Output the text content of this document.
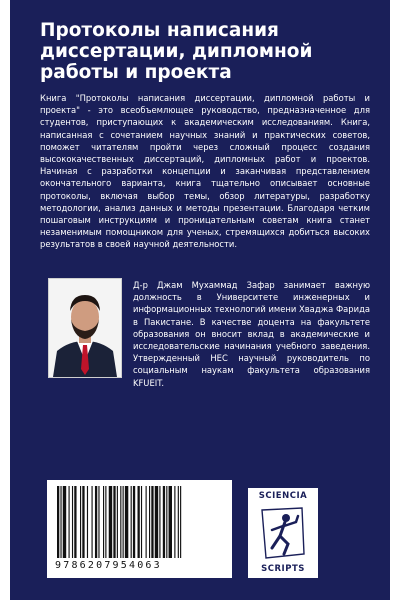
Протоколы написания диссертации, дипломной работы и проекта

Книга "Протоколы написания диссертации, дипломной работы и проекта" - это всеобъемлющее руководство, предназначенное для студентов, приступающих к академическим исследованиям. Книга, написанная с сочетанием научных знаний и практических советов, поможет читателям пройти через сложный процесс создания высококачественных диссертаций, дипломных работ и проектов. Начиная с разработки концепции и заканчивая представлением окончательного варианта, книга тщательно описывает основные протоколы, включая выбор темы, обзор литературы, разработку методологии, анализ данных и методы презентации. Благодаря четким пошаговым инструкциям и проницательным советам книга станет незаменимым помощником для ученых, стремящихся добиться высоких результатов в своей научной деятельности.

Д-р Джам Мухаммад Зафар занимает важную должность в Университете инженерных и информационных технологий имени Хваджа Фарида в Пакистане. В качестве доцента на факультете образования он вносит вклад в академические и исследовательские начинания учебного заведения. Утвержденный HEC научный руководитель по социальным наукам факультета образования KFUEIT.

9786207954063
SCIENCIA
SCRIPTS
